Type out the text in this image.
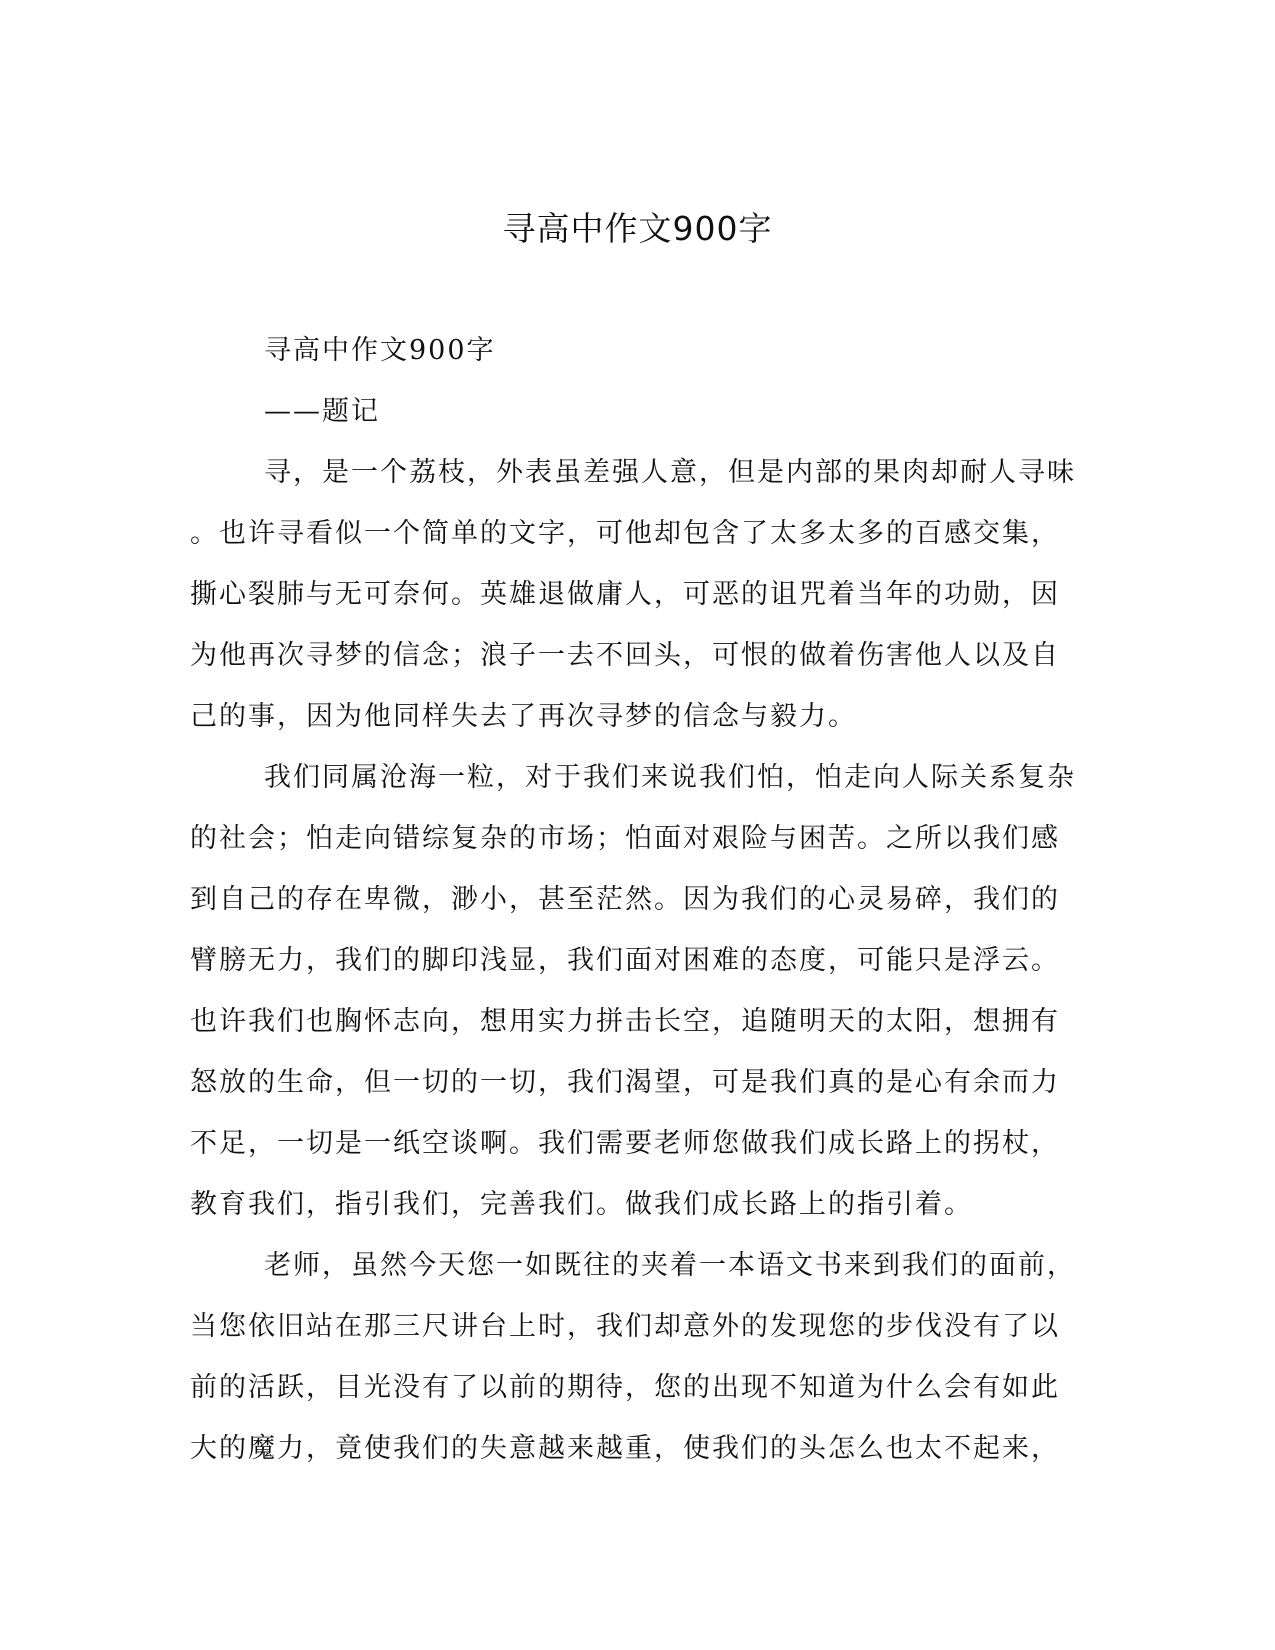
寻高中作文900字

寻高中作文900字

——题记

寻，是一个荔枝，外表虽差强人意，但是内部的果肉却耐人寻味

。也许寻看似一个简单的文字，可他却包含了太多太多的百感交集，

撕心裂肺与无可奈何。英雄退做庸人，可恶的诅咒着当年的功勋，因

为他再次寻梦的信念；浪子一去不回头，可恨的做着伤害他人以及自

己的事，因为他同样失去了再次寻梦的信念与毅力。

我们同属沧海一粒，对于我们来说我们怕，怕走向人际关系复杂

的社会；怕走向错综复杂的市场；怕面对艰险与困苦。之所以我们感

到自己的存在卑微，渺小，甚至茫然。因为我们的心灵易碎，我们的

臂膀无力，我们的脚印浅显，我们面对困难的态度，可能只是浮云。

也许我们也胸怀志向，想用实力拼击长空，追随明天的太阳，想拥有

怒放的生命，但一切的一切，我们渴望，可是我们真的是心有余而力

不足，一切是一纸空谈啊。我们需要老师您做我们成长路上的拐杖，

教育我们，指引我们，完善我们。做我们成长路上的指引着。

老师，虽然今天您一如既往的夹着一本语文书来到我们的面前，

当您依旧站在那三尺讲台上时，我们却意外的发现您的步伐没有了以

前的活跃，目光没有了以前的期待，您的出现不知道为什么会有如此

大的魔力，竟使我们的失意越来越重，使我们的头怎么也太不起来，
